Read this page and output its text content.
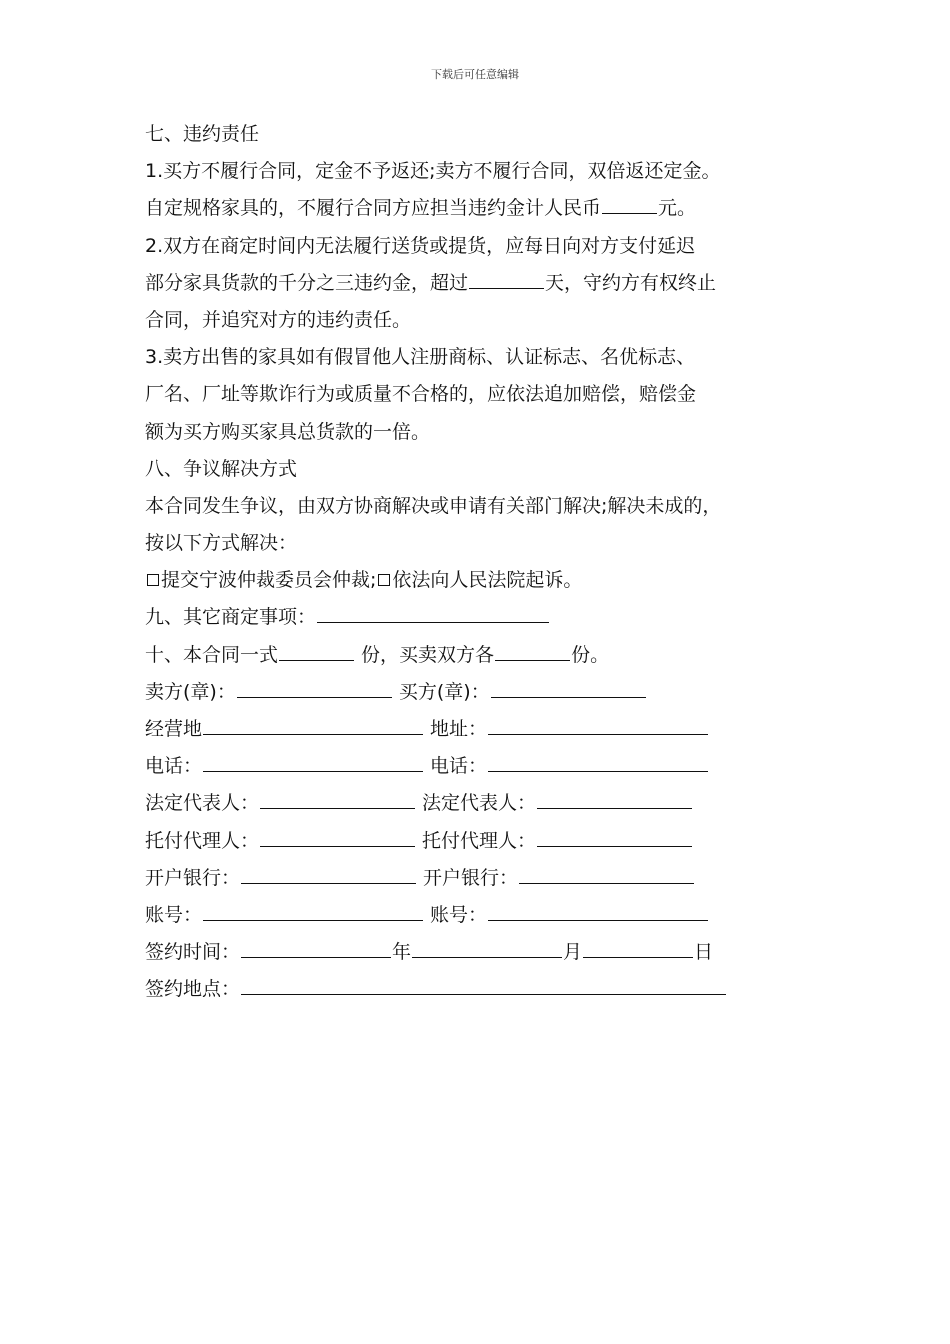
下载后可任意编辑
七、违约责任
1.买方不履行合同，定金不予返还;卖方不履行合同，双倍返还定金。
自定规格家具的，不履行合同方应担当违约金计人民币	元。
2.双方在商定时间内无法履行送货或提货，应每日向对方支付延迟
部分家具货款的千分之三违约金，超过	天，守约方有权终止
合同，并追究对方的违约责任。
3.卖方出售的家具如有假冒他人注册商标、认证标志、名优标志、
厂名、厂址等欺诈行为或质量不合格的，应依法追加赔偿，赔偿金
额为买方购买家具总货款的一倍。
八、争议解决方式
本合同发生争议，由双方协商解决或申请有关部门解决;解决未成的，
按以下方式解决：
提交宁波仲裁委员会仲裁; 依法向人民法院起诉。
九、其它商定事项：
十、本合同一式	份，买卖双方各	份。
卖方(章)：	买方(章)：
经营地	地址：
电话：	电话：
法定代表人：	法定代表人：
托付代理人：	托付代理人：
开户银行：	开户银行：
账号：	账号：
签约时间：	年	月	日
签约地点：
